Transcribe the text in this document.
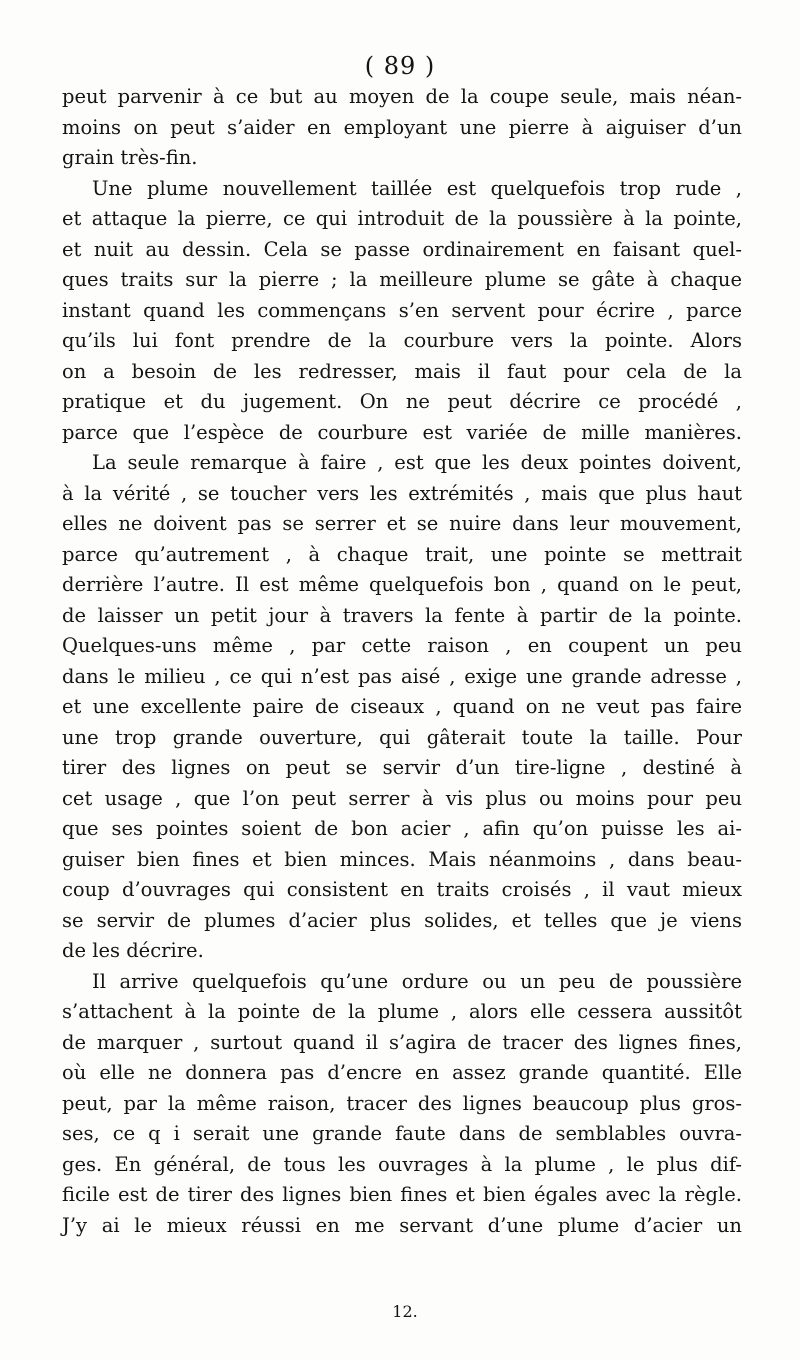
( 89 )
peut parvenir à ce but au moyen de la coupe seule, mais néan-
moins on peut s’aider en employant une pierre à aiguiser d’un
grain très-fin.
Une plume nouvellement taillée est quelquefois trop rude ,
et attaque la pierre, ce qui introduit de la poussière à la pointe,
et nuit au dessin. Cela se passe ordinairement en faisant quel-
ques traits sur la pierre ; la meilleure plume se gâte à chaque
instant quand les commençans s’en servent pour écrire , parce
qu’ils lui font prendre de la courbure vers la pointe. Alors
on a besoin de les redresser, mais il faut pour cela de la
pratique et du jugement. On ne peut décrire ce procédé ,
parce que l’espèce de courbure est variée de mille manières.
La seule remarque à faire , est que les deux pointes doivent,
à la vérité , se toucher vers les extrémités , mais que plus haut
elles ne doivent pas se serrer et se nuire dans leur mouvement,
parce qu’autrement , à chaque trait, une pointe se mettrait
derrière l’autre. Il est même quelquefois bon , quand on le peut,
de laisser un petit jour à travers la fente à partir de la pointe.
Quelques-uns même , par cette raison , en coupent un peu
dans le milieu , ce qui n’est pas aisé , exige une grande adresse ,
et une excellente paire de ciseaux , quand on ne veut pas faire
une trop grande ouverture, qui gâterait toute la taille. Pour
tirer des lignes on peut se servir d’un tire-ligne , destiné à
cet usage , que l’on peut serrer à vis plus ou moins pour peu
que ses pointes soient de bon acier , afin qu’on puisse les ai-
guiser bien fines et bien minces. Mais néanmoins , dans beau-
coup d’ouvrages qui consistent en traits croisés , il vaut mieux
se servir de plumes d’acier plus solides, et telles que je viens
de les décrire.
Il arrive quelquefois qu’une ordure ou un peu de poussière
s’attachent à la pointe de la plume , alors elle cessera aussitôt
de marquer , surtout quand il s’agira de tracer des lignes fines,
où elle ne donnera pas d’encre en assez grande quantité. Elle
peut, par la même raison, tracer des lignes beaucoup plus gros-
ses, ce q i serait une grande faute dans de semblables ouvra-
ges. En général, de tous les ouvrages à la plume , le plus dif-
ficile est de tirer des lignes bien fines et bien égales avec la règle.
J’y ai le mieux réussi en me servant d’une plume d’acier un
12.
